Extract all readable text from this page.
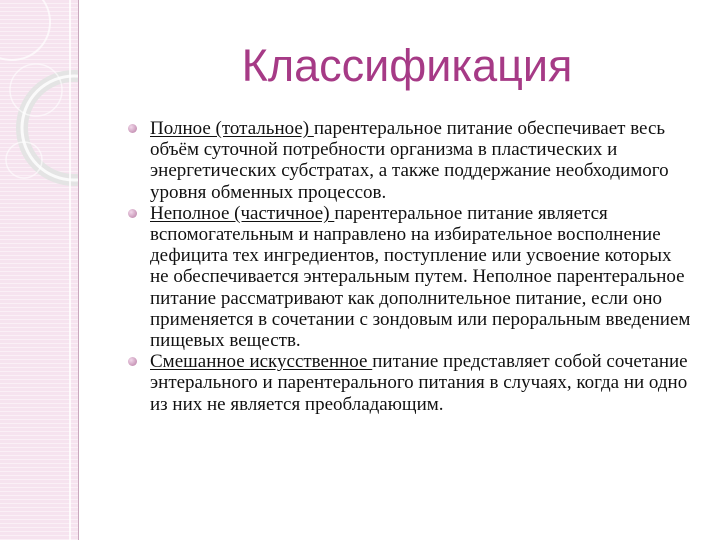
Классификация

Полное (тотальное) парентеральное питание обеспечивает весь объём суточной потребности организма в пластических и энергетических субстратах, а также поддержание необходимого уровня обменных процессов.

Неполное (частичное) парентеральное питание является вспомогательным и направлено на избирательное восполнение дефицита тех ингредиентов, поступление или усвоение которых не обеспечивается энтеральным путем. Неполное парентеральное питание рассматривают как дополнительное питание, если оно применяется в сочетании с зондовым или пероральным введением пищевых веществ.

Смешанное искусственное питание представляет собой сочетание энтерального и парентерального питания в случаях, когда ни одно из них не является преобладающим.
